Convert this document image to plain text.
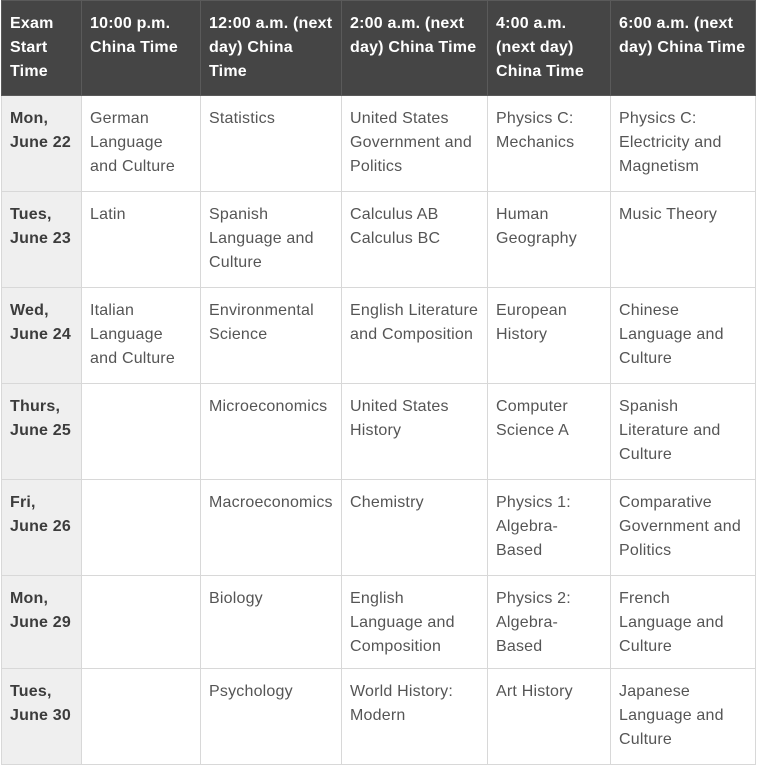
Exam Start Time	10:00 p.m. China Time	12:00 a.m. (next day) China Time	2:00 a.m. (next day) China Time	4:00 a.m. (next day) China Time	6:00 a.m. (next day) China Time
Mon, June 22	German Language and Culture	Statistics	United States Government and Politics	Physics C: Mechanics	Physics C: Electricity and Magnetism
Tues, June 23	Latin	Spanish Language and Culture	Calculus AB Calculus BC	Human Geography	Music Theory
Wed, June 24	Italian Language and Culture	Environmental Science	English Literature and Composition	European History	Chinese Language and Culture
Thurs, June 25		Microeconomics	United States History	Computer Science A	Spanish Literature and Culture
Fri, June 26		Macroeconomics	Chemistry	Physics 1: Algebra-Based	Comparative Government and Politics
Mon, June 29		Biology	English Language and Composition	Physics 2: Algebra-Based	French Language and Culture
Tues, June 30		Psychology	World History: Modern	Art History	Japanese Language and Culture
